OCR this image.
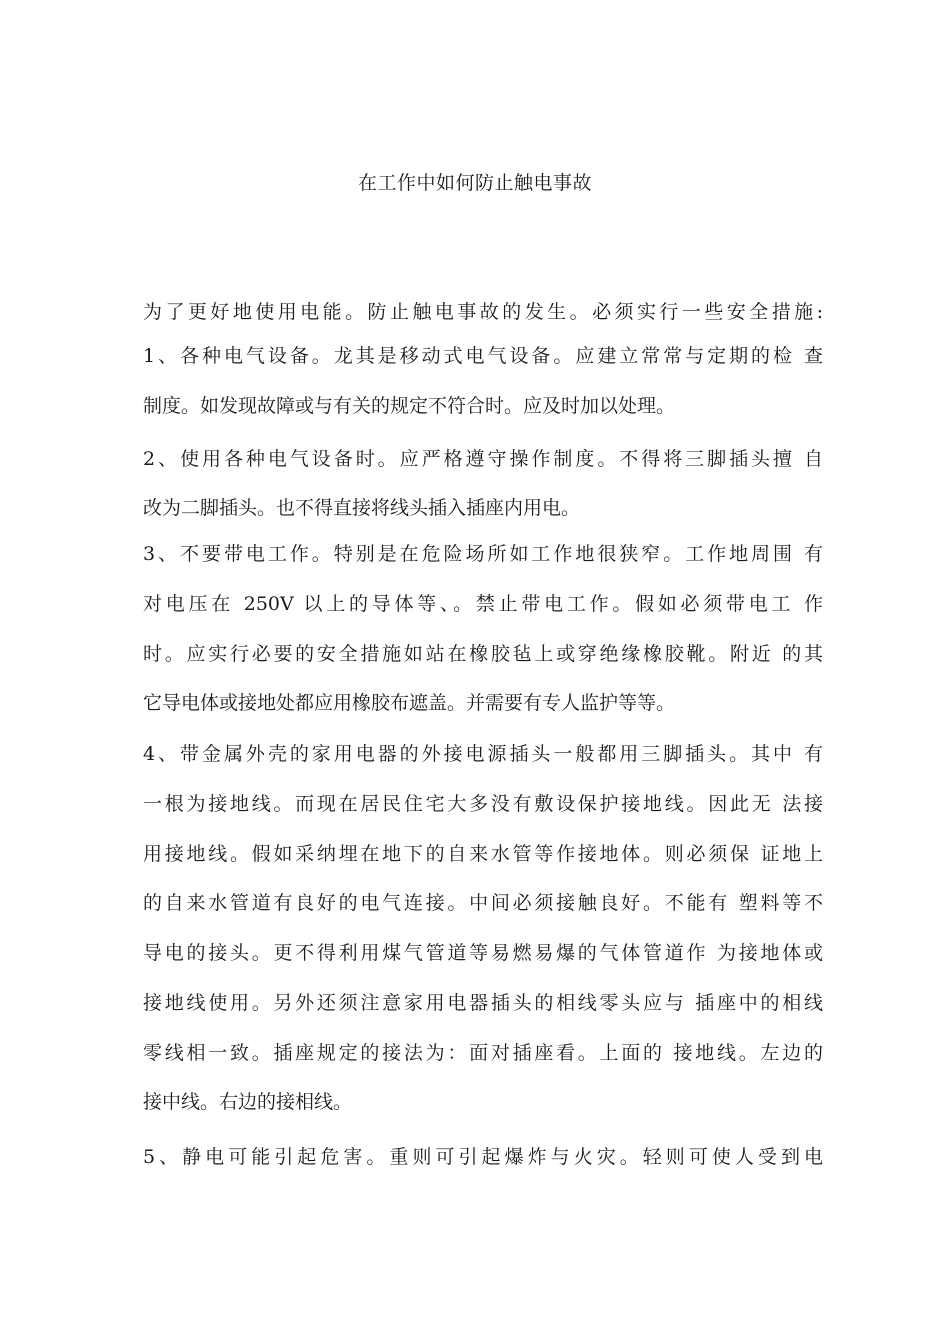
在工作中如何防止触电事故
为了更好地使用电能。防止触电事故的发生。必须实行一些安全措施:
1、各种电气设备。龙其是移动式电气设备。应建立常常与定期的检 查
制度。如发现故障或与有关的规定不符合时。应及时加以处理。
2、使用各种电气设备时。应严格遵守操作制度。不得将三脚插头擅 自
改为二脚插头。也不得直接将线头插入插座内用电。
3、不要带电工作。特别是在危险场所如工作地很狭窄。工作地周围 有
对电压在 250V 以上的导体等、。禁止带电工作。假如必须带电工 作
时。应实行必要的安全措施如站在橡胶毡上或穿绝缘橡胶靴。附近 的其
它导电体或接地处都应用橡胶布遮盖。并需要有专人监护等等。
4、带金属外壳的家用电器的外接电源插头一般都用三脚插头。其中 有
一根为接地线。而现在居民住宅大多没有敷设保护接地线。因此无 法接
用接地线。假如采纳埋在地下的自来水管等作接地体。则必须保 证地上
的自来水管道有良好的电气连接。中间必须接触良好。不能有 塑料等不
导电的接头。更不得利用煤气管道等易燃易爆的气体管道作 为接地体或
接地线使用。另外还须注意家用电器插头的相线零头应与 插座中的相线
零线相一致。插座规定的接法为：面对插座看。上面的 接地线。左边的
接中线。右边的接相线。
5、静电可能引起危害。重则可引起爆炸与火灾。轻则可使人受到电
